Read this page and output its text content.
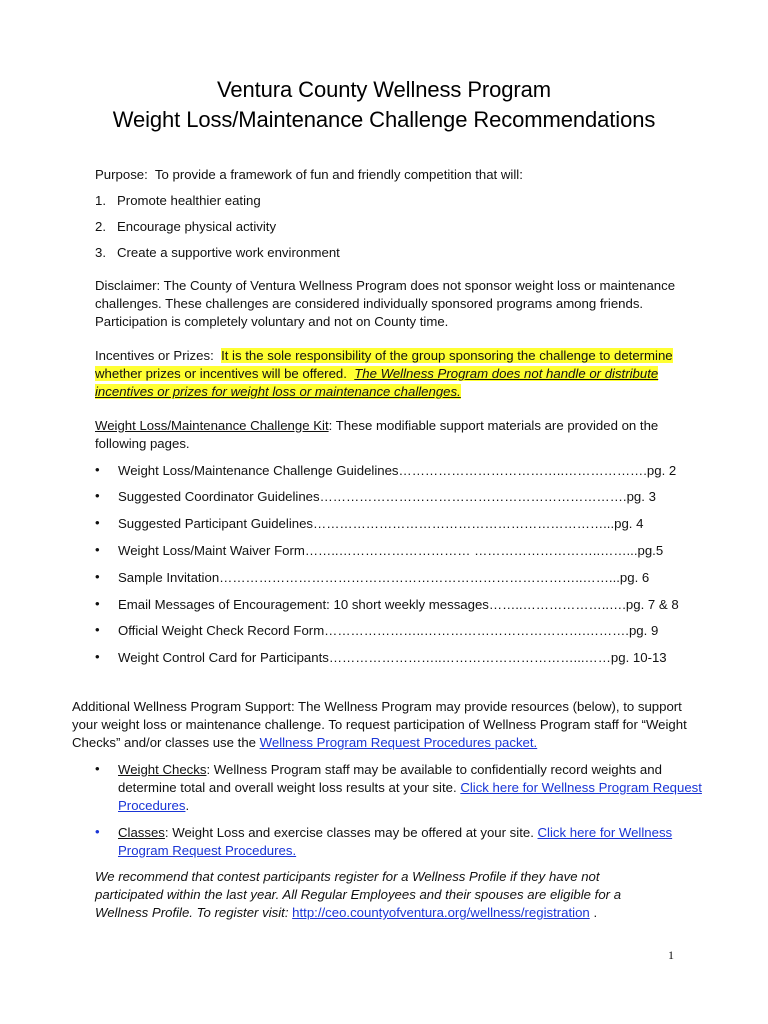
Ventura County Wellness Program
Weight Loss/Maintenance Challenge Recommendations
Purpose: To provide a framework of fun and friendly competition that will:
1. Promote healthier eating
2. Encourage physical activity
3. Create a supportive work environment
Disclaimer: The County of Ventura Wellness Program does not sponsor weight loss or maintenance
challenges. These challenges are considered individually sponsored programs among friends.
Participation is completely voluntary and not on County time.
Incentives or Prizes: It is the sole responsibility of the group sponsoring the challenge to determine
whether prizes or incentives will be offered. The Wellness Program does not handle or distribute
incentives or prizes for weight loss or maintenance challenges.
Weight Loss/Maintenance Challenge Kit: These modifiable support materials are provided on the
following pages.
• Weight Loss/Maintenance Challenge Guidelines………………………………..……………….pg. 2
• Suggested Coordinator Guidelines…………………………………………………………….pg. 3
• Suggested Participant Guidelines…………………………………………………………...pg. 4
• Weight Loss/Maint Waiver Form……..………………………… ………………………..……...pg.5
• Sample Invitation………………………………………………………………………..……...pg. 6
• Email Messages of Encouragement: 10 short weekly messages……..………………..….pg. 7 & 8
• Official Weight Check Record Form…………………..……………………………….……….pg. 9
• Weight Control Card for Participants……………………..…………………………...……pg. 10-13
Additional Wellness Program Support: The Wellness Program may provide resources (below), to support
your weight loss or maintenance challenge. To request participation of Wellness Program staff for “Weight
Checks” and/or classes use the Wellness Program Request Procedures packet.
• Weight Checks: Wellness Program staff may be available to confidentially record weights and
determine total and overall weight loss results at your site. Click here for Wellness Program Request
Procedures.
• Classes: Weight Loss and exercise classes may be offered at your site. Click here for Wellness
Program Request Procedures.
We recommend that contest participants register for a Wellness Profile if they have not
participated within the last year. All Regular Employees and their spouses are eligible for a
Wellness Profile. To register visit: http://ceo.countyofventura.org/wellness/registration .
1
